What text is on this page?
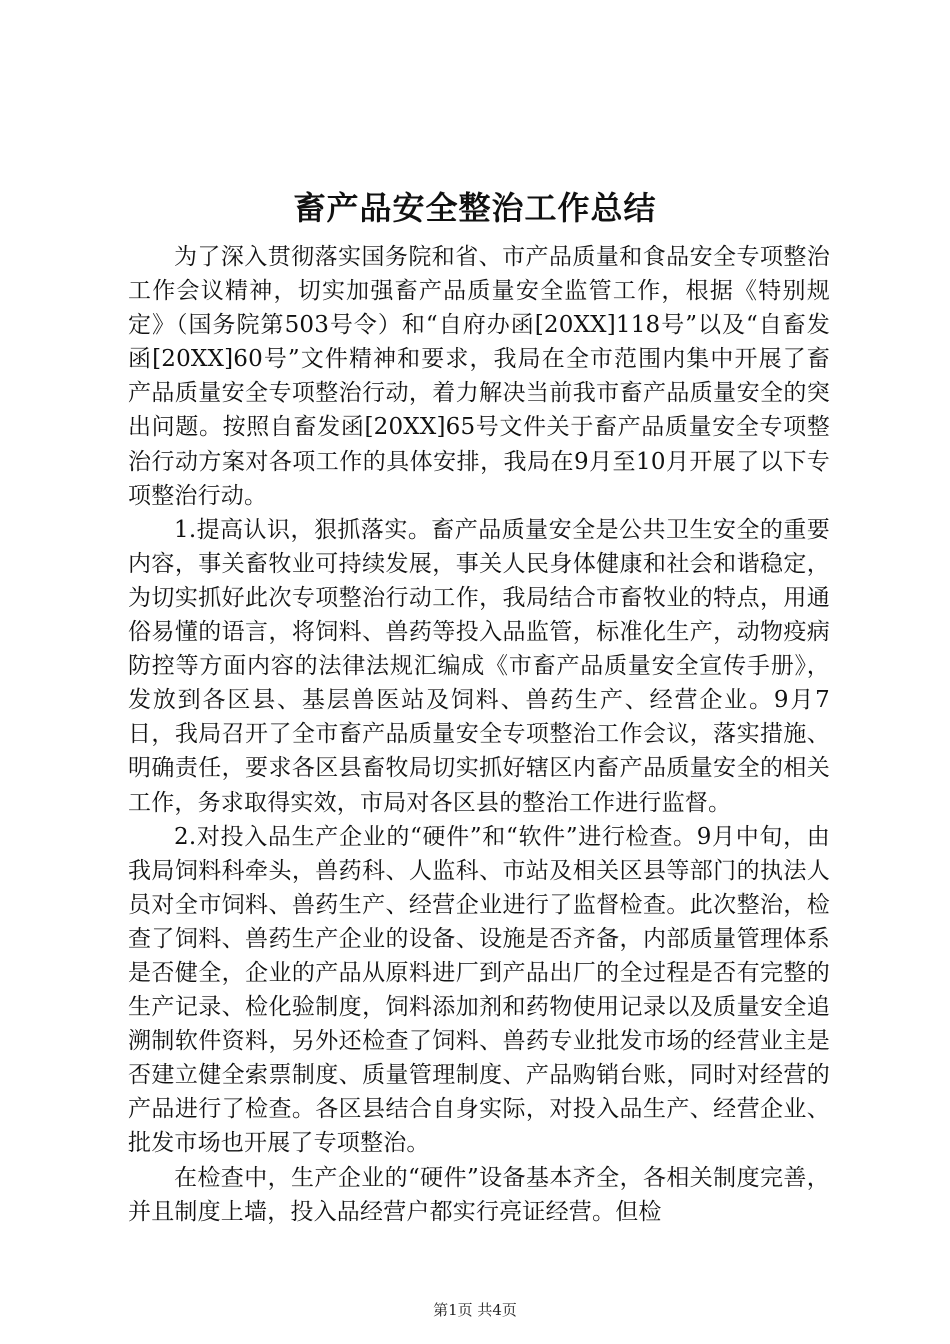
畜产品安全整治工作总结

为了深入贯彻落实国务院和省、市产品质量和食品安全专项整治工作会议精神，切实加强畜产品质量安全监管工作，根据《特别规定》（国务院第503号令）和“自府办函[20XX]118号”以及“自畜发函[20XX]60号”文件精神和要求，我局在全市范围内集中开展了畜产品质量安全专项整治行动，着力解决当前我市畜产品质量安全的突出问题。按照自畜发函[20XX]65号文件关于畜产品质量安全专项整治行动方案对各项工作的具体安排，我局在9月至10月开展了以下专项整治行动。

1.提高认识，狠抓落实。畜产品质量安全是公共卫生安全的重要内容，事关畜牧业可持续发展，事关人民身体健康和社会和谐稳定，为切实抓好此次专项整治行动工作，我局结合市畜牧业的特点，用通俗易懂的语言，将饲料、兽药等投入品监管，标准化生产，动物疫病防控等方面内容的法律法规汇编成《市畜产品质量安全宣传手册》，发放到各区县、基层兽医站及饲料、兽药生产、经营企业。9月7日，我局召开了全市畜产品质量安全专项整治工作会议，落实措施、明确责任，要求各区县畜牧局切实抓好辖区内畜产品质量安全的相关工作，务求取得实效，市局对各区县的整治工作进行监督。

2.对投入品生产企业的“硬件”和“软件”进行检查。9月中旬，由我局饲料科牵头，兽药科、人监科、市站及相关区县等部门的执法人员对全市饲料、兽药生产、经营企业进行了监督检查。此次整治，检查了饲料、兽药生产企业的设备、设施是否齐备，内部质量管理体系是否健全，企业的产品从原料进厂到产品出厂的全过程是否有完整的生产记录、检化验制度，饲料添加剂和药物使用记录以及质量安全追溯制软件资料，另外还检查了饲料、兽药专业批发市场的经营业主是否建立健全索票制度、质量管理制度、产品购销台账，同时对经营的产品进行了检查。各区县结合自身实际，对投入品生产、经营企业、批发市场也开展了专项整治。

在检查中，生产企业的“硬件”设备基本齐全，各相关制度完善，并且制度上墙，投入品经营户都实行亮证经营。但检

第1页 共4页
